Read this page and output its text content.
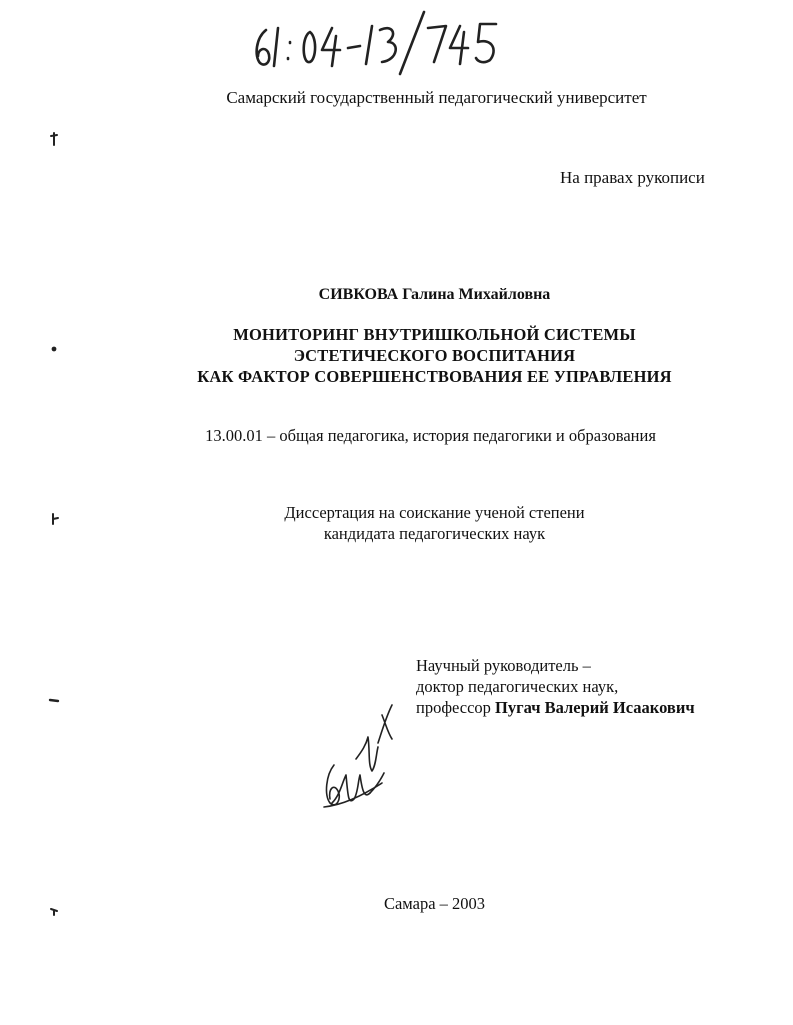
Самарский государственный педагогический университет
На правах рукописи
СИВКОВА Галина Михайловна
МОНИТОРИНГ ВНУТРИШКОЛЬНОЙ СИСТЕМЫ
ЭСТЕТИЧЕСКОГО ВОСПИТАНИЯ
КАК ФАКТОР СОВЕРШЕНСТВОВАНИЯ ЕЕ УПРАВЛЕНИЯ
13.00.01 – общая педагогика, история педагогики и образования
Диссертация на соискание ученой степени
кандидата педагогических наук
Научный руководитель –
доктор педагогических наук,
профессор Пугач Валерий Исаакович
Самара – 2003
